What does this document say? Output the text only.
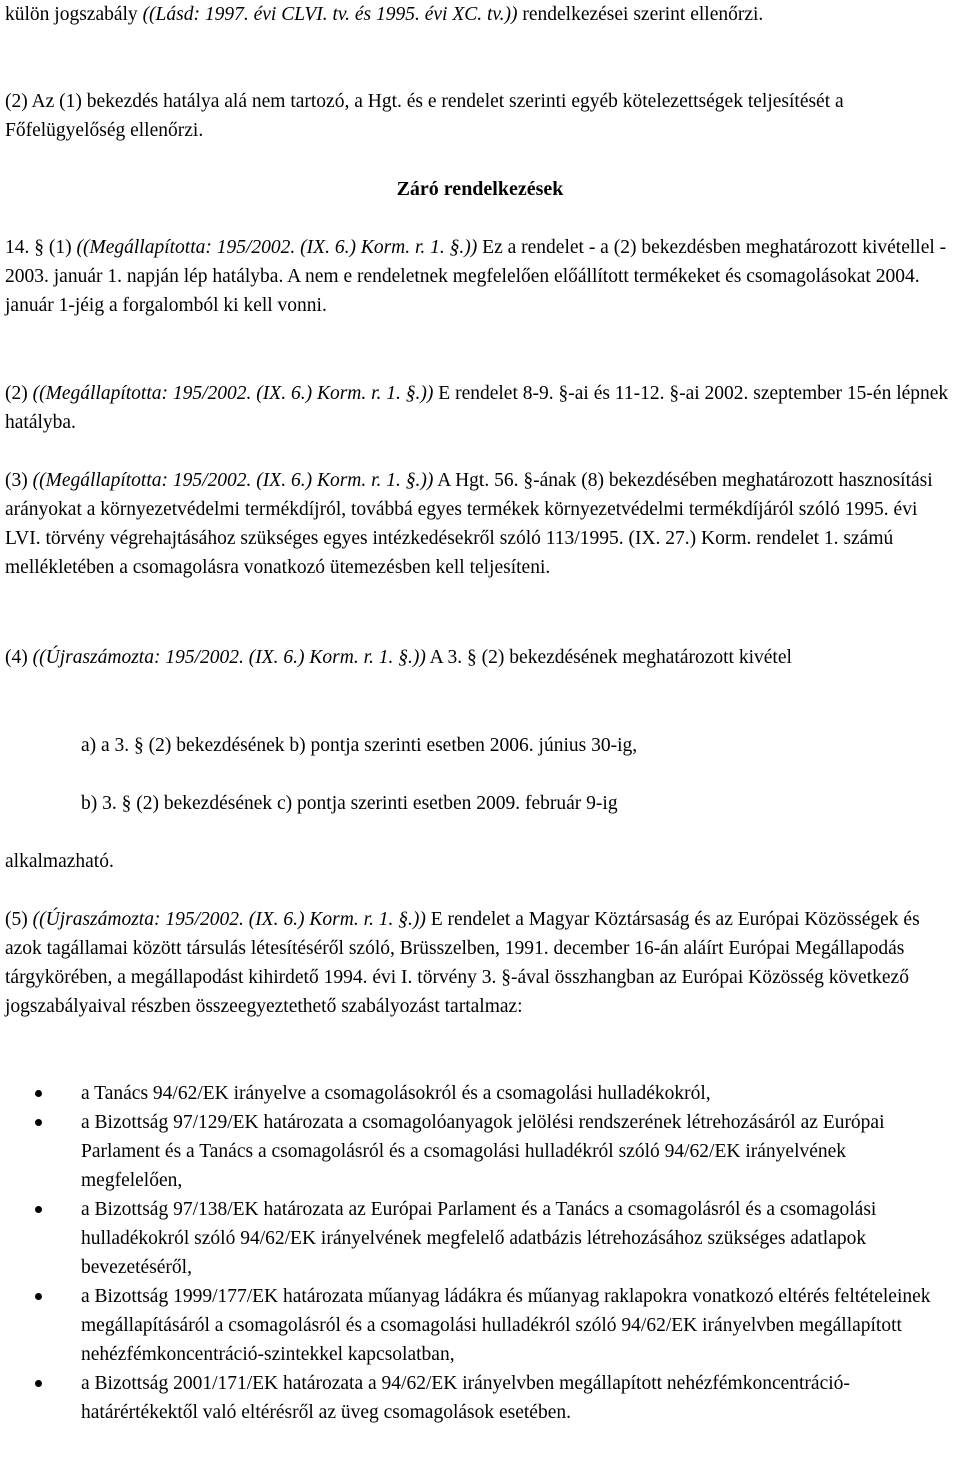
külön jogszabály ((Lásd: 1997. évi CLVI. tv. és 1995. évi XC. tv.)) rendelkezései szerint ellenőrzi.

(2) Az (1) bekezdés hatálya alá nem tartozó, a Hgt. és e rendelet szerinti egyéb kötelezettségek teljesítését a Főfelügyelőség ellenőrzi.

Záró rendelkezések

14. § (1) ((Megállapította: 195/2002. (IX. 6.) Korm. r. 1. §.)) Ez a rendelet - a (2) bekezdésben meghatározott kivétellel - 2003. január 1. napján lép hatályba. A nem e rendeletnek megfelelően előállított termékeket és csomagolásokat 2004. január 1-jéig a forgalomból ki kell vonni.

(2) ((Megállapította: 195/2002. (IX. 6.) Korm. r. 1. §.)) E rendelet 8-9. §-ai és 11-12. §-ai 2002. szeptember 15-én lépnek hatályba.

(3) ((Megállapította: 195/2002. (IX. 6.) Korm. r. 1. §.)) A Hgt. 56. §-ának (8) bekezdésében meghatározott hasznosítási arányokat a környezetvédelmi termékdíjról, továbbá egyes termékek környezetvédelmi termékdíjáról szóló 1995. évi LVI. törvény végrehajtásához szükséges egyes intézkedésekről szóló 113/1995. (IX. 27.) Korm. rendelet 1. számú mellékletében a csomagolásra vonatkozó ütemezésben kell teljesíteni.

(4) ((Újraszámozta: 195/2002. (IX. 6.) Korm. r. 1. §.)) A 3. § (2) bekezdésének meghatározott kivétel

a) a 3. § (2) bekezdésének b) pontja szerinti esetben 2006. június 30-ig,

b) 3. § (2) bekezdésének c) pontja szerinti esetben 2009. február 9-ig

alkalmazható.

(5) ((Újraszámozta: 195/2002. (IX. 6.) Korm. r. 1. §.)) E rendelet a Magyar Köztársaság és az Európai Közösségek és azok tagállamai között társulás létesítéséről szóló, Brüsszelben, 1991. december 16-án aláírt Európai Megállapodás tárgykörében, a megállapodást kihirdető 1994. évi I. törvény 3. §-ával összhangban az Európai Közösség következő jogszabályaival részben összeegyeztethető szabályozást tartalmaz:

a Tanács 94/62/EK irányelve a csomagolásokról és a csomagolási hulladékokról,
a Bizottság 97/129/EK határozata a csomagolóanyagok jelölési rendszerének létrehozásáról az Európai Parlament és a Tanács a csomagolásról és a csomagolási hulladékról szóló 94/62/EK irányelvének megfelelően,
a Bizottság 97/138/EK határozata az Európai Parlament és a Tanács a csomagolásról és a csomagolási hulladékokról szóló 94/62/EK irányelvének megfelelő adatbázis létrehozásához szükséges adatlapok bevezetéséről,
a Bizottság 1999/177/EK határozata műanyag ládákra és műanyag raklapokra vonatkozó eltérés feltételeinek megállapításáról a csomagolásról és a csomagolási hulladékról szóló 94/62/EK irányelvben megállapított nehézfémkoncentráció-szintekkel kapcsolatban,
a Bizottság 2001/171/EK határozata a 94/62/EK irányelvben megállapított nehézfémkoncentráció-határértékektől való eltérésről az üveg csomagolások esetében.
